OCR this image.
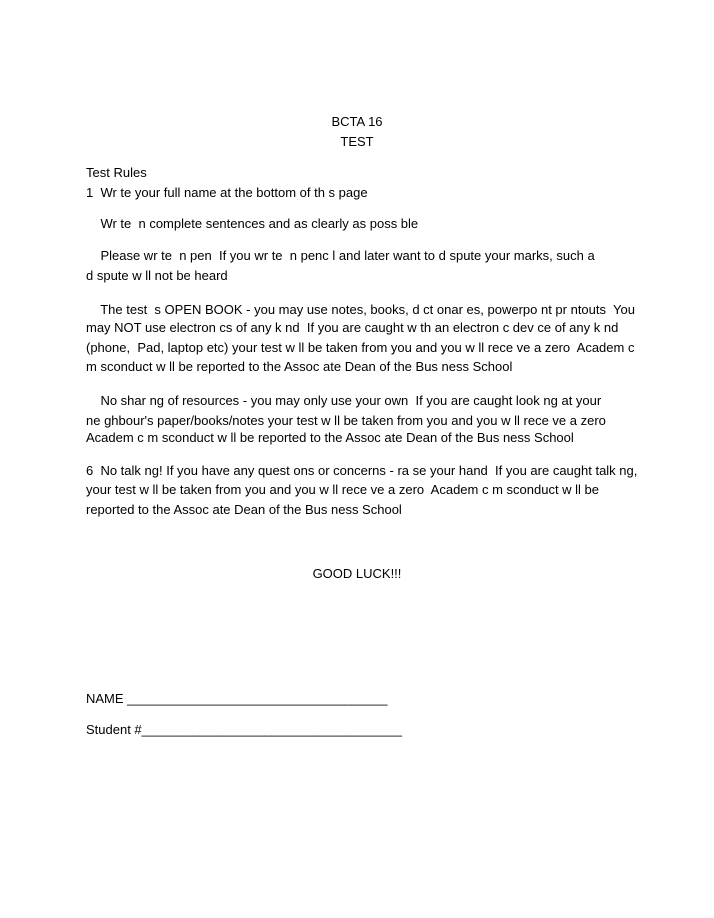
BCTA 16
TEST
Test Rules
1  Wr te your full name at the bottom of th s page
Wr te  n complete sentences and as clearly as poss ble
Please wr te  n pen  If you wr te  n penc l and later want to d spute your marks, such a
d spute w ll not be heard
The test  s OPEN BOOK - you may use notes, books, d ct onar es, powerpo nt pr ntouts  You
may NOT use electron cs of any k nd  If you are caught w th an electron c dev ce of any k nd
(phone,  Pad, laptop etc) your test w ll be taken from you and you w ll rece ve a zero  Academ c
m sconduct w ll be reported to the Assoc ate Dean of the Bus ness School
No shar ng of resources - you may only use your own  If you are caught look ng at your
ne ghbour's paper/books/notes your test w ll be taken from you and you w ll rece ve a zero
Academ c m sconduct w ll be reported to the Assoc ate Dean of the Bus ness School
6  No talk ng! If you have any quest ons or concerns - ra se your hand  If you are caught talk ng,
your test w ll be taken from you and you w ll rece ve a zero  Academ c m sconduct w ll be
reported to the Assoc ate Dean of the Bus ness School
GOOD LUCK!!!
NAME ____________________________________
Student #____________________________________
